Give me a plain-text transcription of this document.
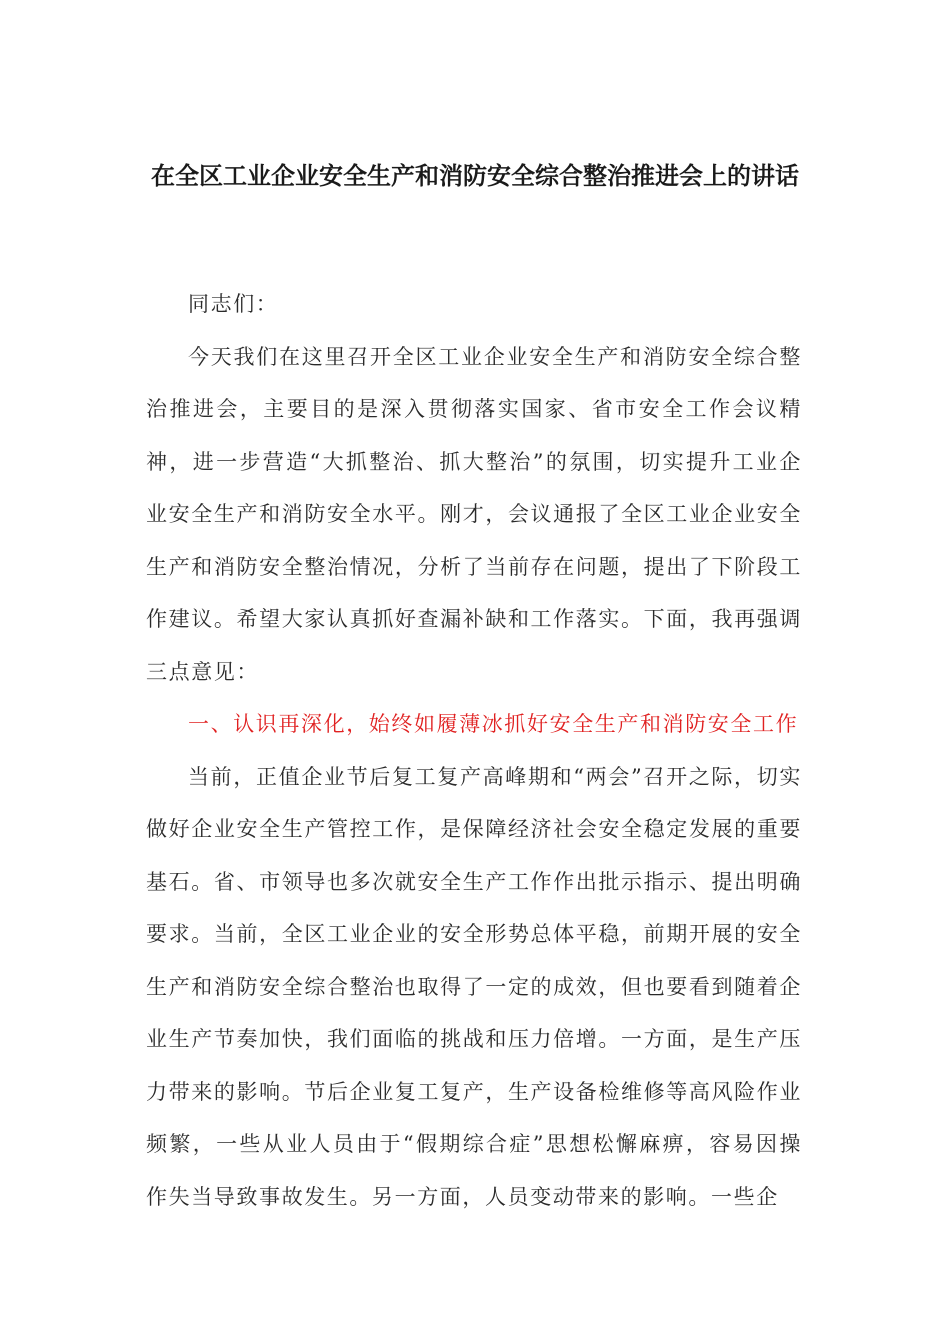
在全区工业企业安全生产和消防安全综合整治推进会上的讲话

同志们：

今天我们在这里召开全区工业企业安全生产和消防安全综合整治推进会，主要目的是深入贯彻落实国家、省市安全工作会议精神，进一步营造“大抓整治、抓大整治”的氛围，切实提升工业企业安全生产和消防安全水平。刚才，会议通报了全区工业企业安全生产和消防安全整治情况，分析了当前存在问题，提出了下阶段工作建议。希望大家认真抓好查漏补缺和工作落实。下面，我再强调三点意见：

一、认识再深化，始终如履薄冰抓好安全生产和消防安全工作

当前，正值企业节后复工复产高峰期和“两会”召开之际，切实做好企业安全生产管控工作，是保障经济社会安全稳定发展的重要基石。省、市领导也多次就安全生产工作作出批示指示、提出明确要求。当前，全区工业企业的安全形势总体平稳，前期开展的安全生产和消防安全综合整治也取得了一定的成效，但也要看到随着企业生产节奏加快，我们面临的挑战和压力倍增。一方面，是生产压力带来的影响。节后企业复工复产，生产设备检维修等高风险作业频繁，一些从业人员由于“假期综合症”思想松懈麻痹，容易因操作失当导致事故发生。另一方面，人员变动带来的影响。一些企
